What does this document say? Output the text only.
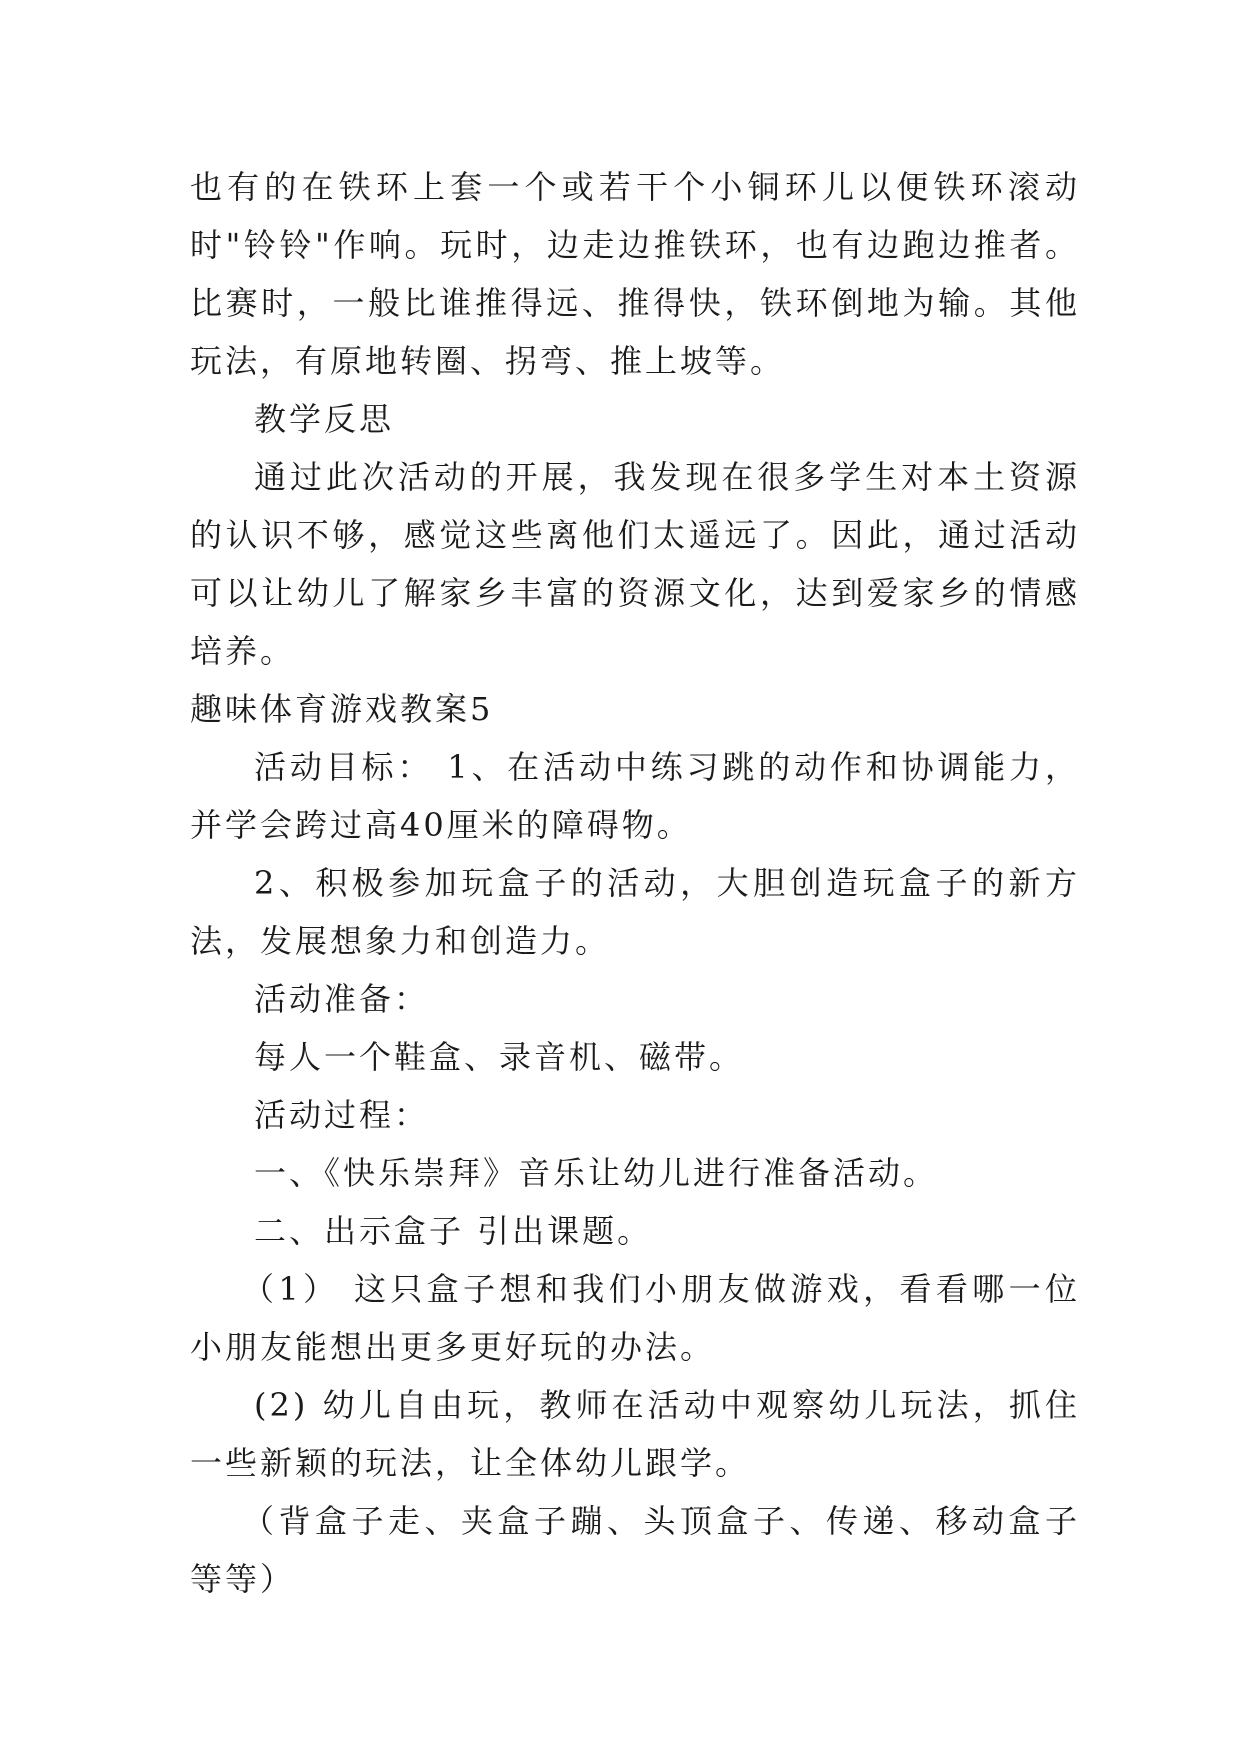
也有的在铁环上套一个或若干个小铜环儿以便铁环滚动时"铃铃"作响。玩时，边走边推铁环，也有边跑边推者。比赛时，一般比谁推得远、推得快，铁环倒地为输。其他玩法，有原地转圈、拐弯、推上坡等。

教学反思

通过此次活动的开展，我发现在很多学生对本土资源的认识不够，感觉这些离他们太遥远了。因此，通过活动可以让幼儿了解家乡丰富的资源文化，达到爱家乡的情感培养。

趣味体育游戏教案5

活动目标： 1、在活动中练习跳的动作和协调能力，并学会跨过高40厘米的障碍物。

2、积极参加玩盒子的活动，大胆创造玩盒子的新方法，发展想象力和创造力。

活动准备：

每人一个鞋盒、录音机、磁带。

活动过程：

一、《快乐崇拜》音乐让幼儿进行准备活动。

二、出示盒子 引出课题。

（1） 这只盒子想和我们小朋友做游戏，看看哪一位小朋友能想出更多更好玩的办法。

(2) 幼儿自由玩，教师在活动中观察幼儿玩法，抓住一些新颖的玩法，让全体幼儿跟学。

（背盒子走、夹盒子蹦、头顶盒子、传递、移动盒子等等）
